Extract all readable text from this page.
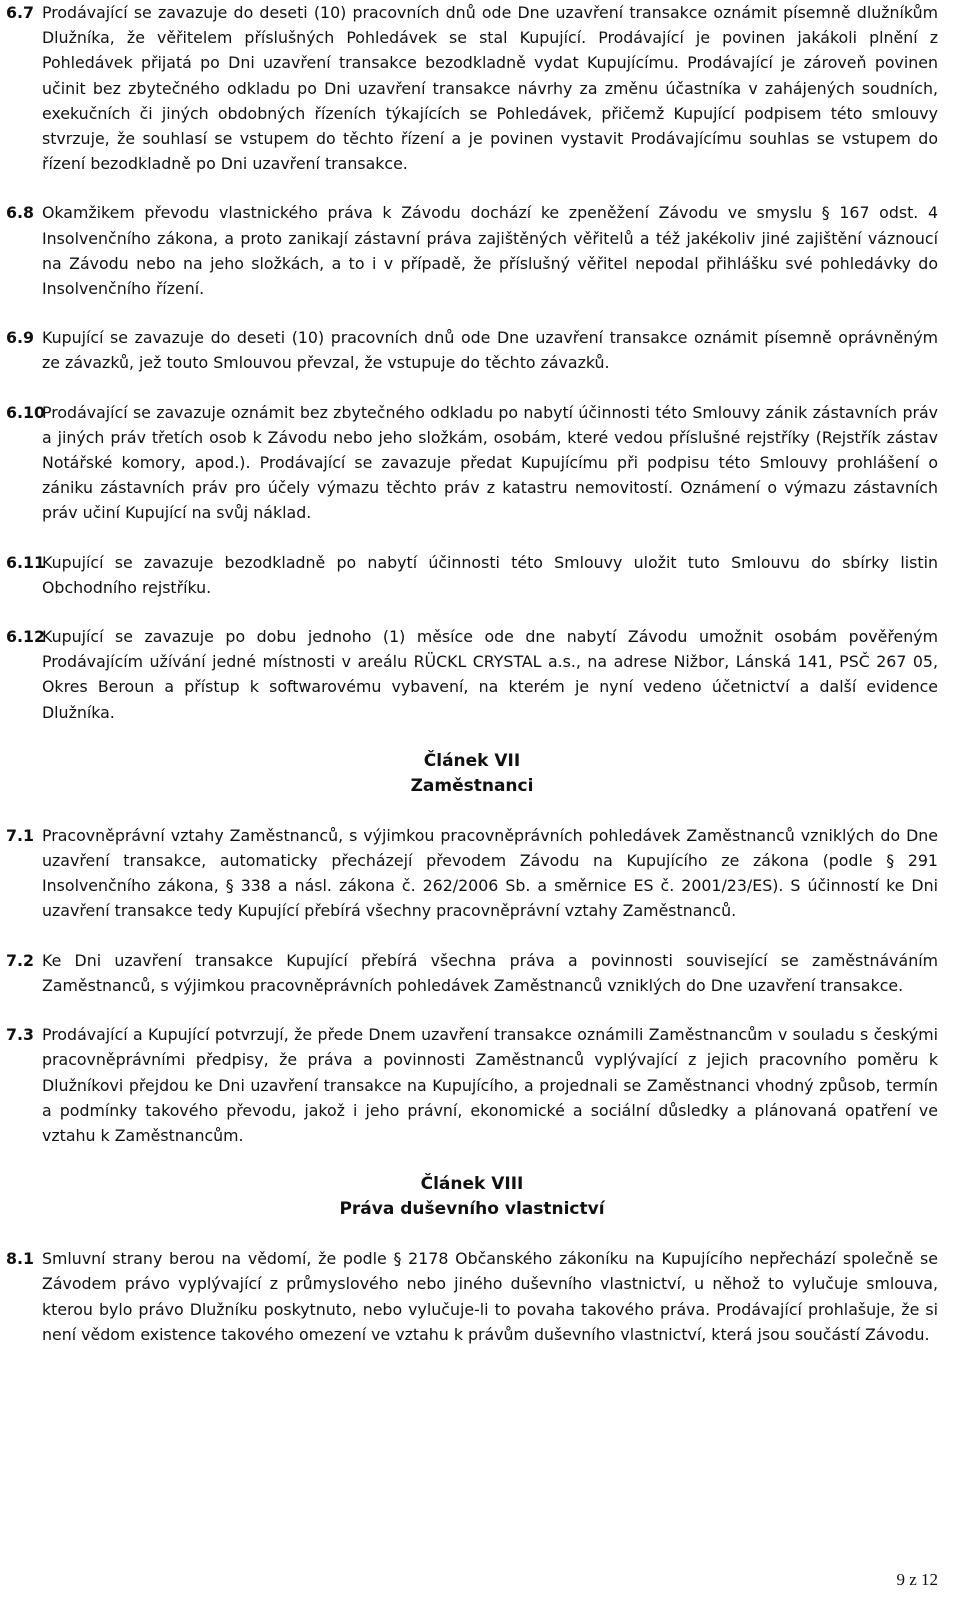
6.7 Prodávající se zavazuje do deseti (10) pracovních dnů ode Dne uzavření transakce oznámit písemně dlužníkům Dlužníka, že věřitelem příslušných Pohledávek se stal Kupující. Prodávající je povinen jakákoli plnění z Pohledávek přijatá po Dni uzavření transakce bezodkladně vydat Kupujícímu. Prodávající je zároveň povinen učinit bez zbytečného odkladu po Dni uzavření transakce návrhy za změnu účastníka v zahájených soudních, exekučních či jiných obdobných řízeních týkajících se Pohledávek, přičemž Kupující podpisem této smlouvy stvrzuje, že souhlasí se vstupem do těchto řízení a je povinen vystavit Prodávajícímu souhlas se vstupem do řízení bezodkladně po Dni uzavření transakce.
6.8 Okamžikem převodu vlastnického práva k Závodu dochází ke zpeněžení Závodu ve smyslu § 167 odst. 4 Insolvenčního zákona, a proto zanikají zástavní práva zajištěných věřitelů a též jakékoliv jiné zajištění váznoucí na Závodu nebo na jeho složkách, a to i v případě, že příslušný věřitel nepodal přihlášku své pohledávky do Insolvenčního řízení.
6.9 Kupující se zavazuje do deseti (10) pracovních dnů ode Dne uzavření transakce oznámit písemně oprávněným ze závazků, jež touto Smlouvou převzal, že vstupuje do těchto závazků.
6.10
Prodávající se zavazuje oznámit bez zbytečného odkladu po nabytí účinnosti této Smlouvy zánik zástavních práv a jiných práv třetích osob k Závodu nebo jeho složkám, osobám, které vedou příslušné rejstříky (Rejstřík zástav Notářské komory, apod.). Prodávající se zavazuje předat Kupujícímu při podpisu této Smlouvy prohlášení o zániku zástavních práv pro účely výmazu těchto práv z katastru nemovitostí. Oznámení o výmazu zástavních práv učiní Kupující na svůj náklad.
6.11
Kupující se zavazuje bezodkladně po nabytí účinnosti této Smlouvy uložit tuto Smlouvu do sbírky listin Obchodního rejstříku.
6.12
Kupující se zavazuje po dobu jednoho (1) měsíce ode dne nabytí Závodu umožnit osobám pověřeným Prodávajícím užívání jedné místnosti v areálu RÜCKL CRYSTAL a.s., na adrese Nižbor, Lánská 141, PSČ 267 05, Okres Beroun a přístup k softwarovému vybavení, na kterém je nyní vedeno účetnictví a další evidence Dlužníka.
Článek VII
Zaměstnanci
7.1 Pracovněprávní vztahy Zaměstnanců, s výjimkou pracovněprávních pohledávek Zaměstnanců vzniklých do Dne uzavření transakce, automaticky přecházejí převodem Závodu na Kupujícího ze zákona (podle § 291 Insolvenčního zákona, § 338 a násl. zákona č. 262/2006 Sb. a směrnice ES č. 2001/23/ES). S účinností ke Dni uzavření transakce tedy Kupující přebírá všechny pracovněprávní vztahy Zaměstnanců.
7.2 Ke Dni uzavření transakce Kupující přebírá všechna práva a povinnosti související se zaměstnáváním Zaměstnanců, s výjimkou pracovněprávních pohledávek Zaměstnanců vzniklých do Dne uzavření transakce.
7.3 Prodávající a Kupující potvrzují, že přede Dnem uzavření transakce oznámili Zaměstnancům v souladu s českými pracovněprávními předpisy, že práva a povinnosti Zaměstnanců vyplývající z jejich pracovního poměru k Dlužníkovi přejdou ke Dni uzavření transakce na Kupujícího, a projednali se Zaměstnanci vhodný způsob, termín a podmínky takového převodu, jakož i jeho právní, ekonomické a sociální důsledky a plánovaná opatření ve vztahu k Zaměstnancům.
Článek VIII
Práva duševního vlastnictví
8.1 Smluvní strany berou na vědomí, že podle § 2178 Občanského zákoníku na Kupujícího nepřechází společně se Závodem právo vyplývající z průmyslového nebo jiného duševního vlastnictví, u něhož to vylučuje smlouva, kterou bylo právo Dlužníku poskytnuto, nebo vylučuje-li to povaha takového práva. Prodávající prohlašuje, že si není vědom existence takového omezení ve vztahu k právům duševního vlastnictví, která jsou součástí Závodu.
9 z 12
